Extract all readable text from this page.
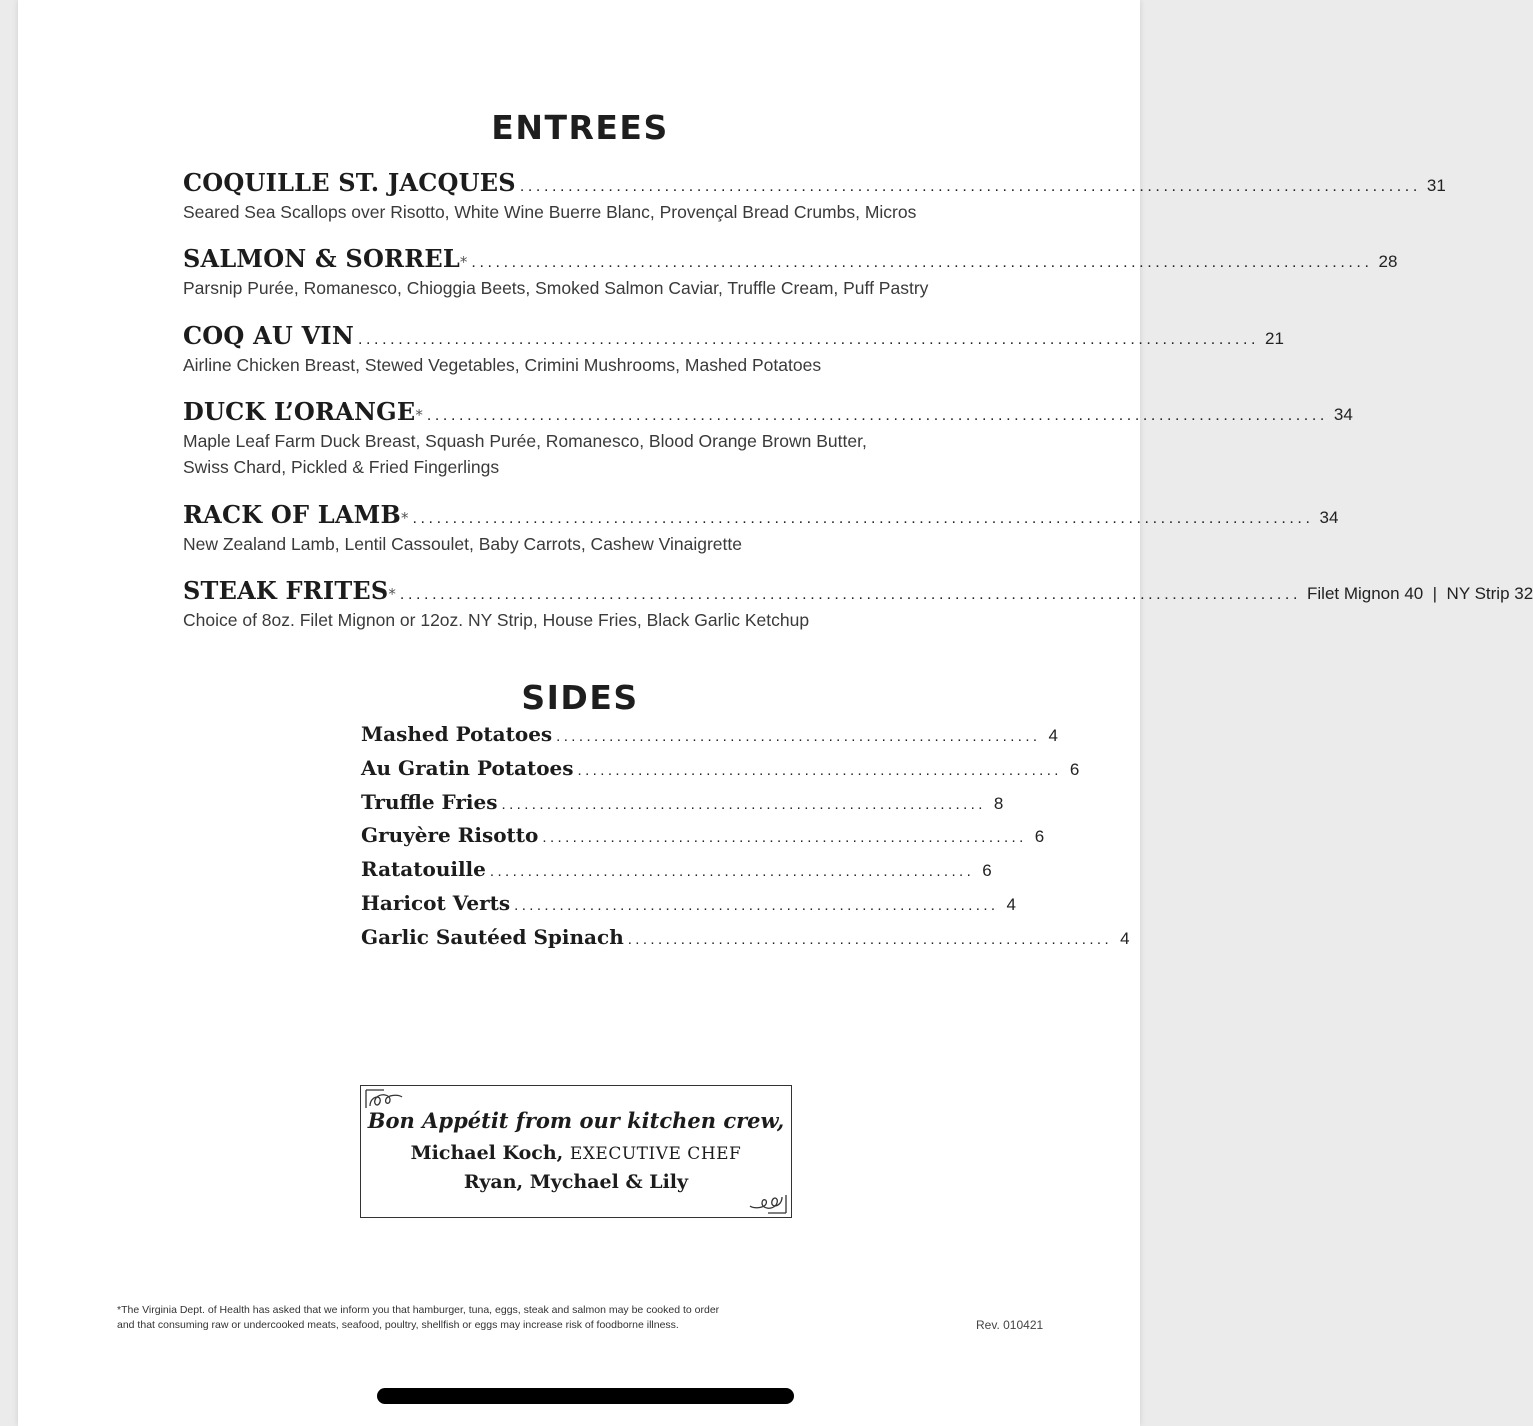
ENTREES
COQUILLE ST. JACQUES ................................................................................................................ 31
Seared Sea Scallops over Risotto, White Wine Buerre Blanc, Provençal Bread Crumbs, Micros
SALMON & SORREL * ................................................................................................................ 28
Parsnip Purée, Romanesco, Chioggia Beets, Smoked Salmon Caviar, Truffle Cream, Puff Pastry
COQ AU VIN ................................................................................................................ 21
Airline Chicken Breast, Stewed Vegetables, Crimini Mushrooms, Mashed Potatoes
DUCK L’ORANGE * ................................................................................................................ 34
Maple Leaf Farm Duck Breast, Squash Purée, Romanesco, Blood Orange Brown Butter,
Swiss Chard, Pickled & Fried Fingerlings
RACK OF LAMB * ................................................................................................................ 34
New Zealand Lamb, Lentil Cassoulet, Baby Carrots, Cashew Vinaigrette
STEAK FRITES * ................................................................................................................ Filet Mignon 40  |  NY Strip 32
Choice of 8oz. Filet Mignon or 12oz. NY Strip, House Fries, Black Garlic Ketchup
SIDES
Mashed Potatoes ................................................................ 4
Au Gratin Potatoes ................................................................ 6
Truffle Fries ................................................................ 8
Gruyère Risotto ................................................................ 6
Ratatouille ................................................................ 6
Haricot Verts ................................................................ 4
Garlic Sautéed Spinach ................................................................ 4
Bon Appétit from our kitchen crew,
Michael Koch, EXECUTIVE CHEF
Ryan, Mychael & Lily
*The Virginia Dept. of Health has asked that we inform you that hamburger, tuna, eggs, steak and salmon may be cooked to order
and that consuming raw or undercooked meats, seafood, poultry, shellfish or eggs may increase risk of foodborne illness.	Rev. 010421
